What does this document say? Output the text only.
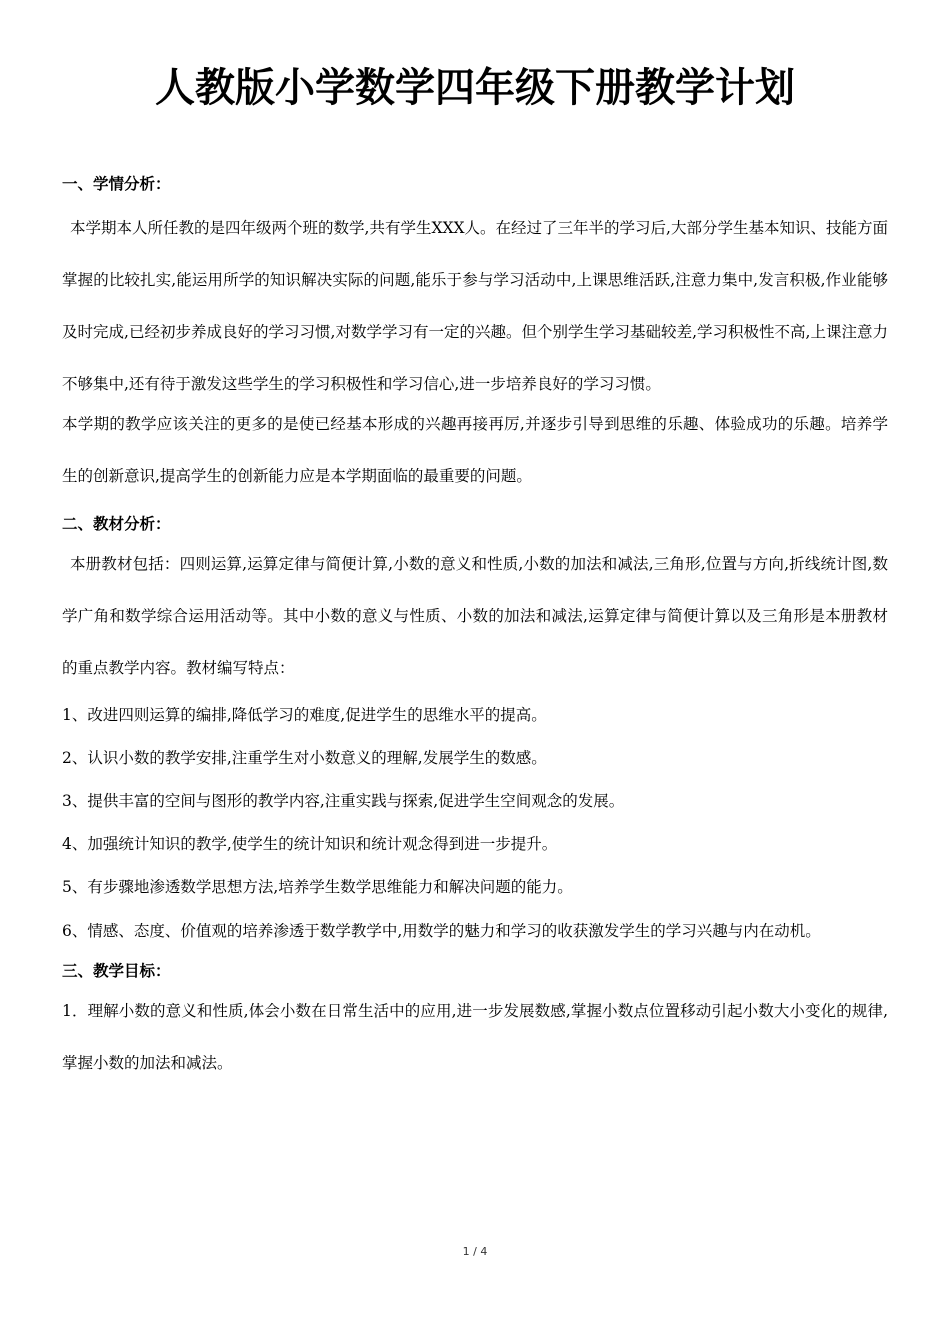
人教版小学数学四年级下册教学计划

一、学情分析：

本学期本人所任教的是四年级两个班的数学,共有学生XXX人。在经过了三年半的学习后,大部分学生基本知识、技能方面掌握的比较扎实,能运用所学的知识解决实际的问题,能乐于参与学习活动中,上课思维活跃,注意力集中,发言积极,作业能够及时完成,已经初步养成良好的学习习惯,对数学学习有一定的兴趣。但个别学生学习基础较差,学习积极性不高,上课注意力不够集中,还有待于激发这些学生的学习积极性和学习信心,进一步培养良好的学习习惯。

本学期的教学应该关注的更多的是使已经基本形成的兴趣再接再厉,并逐步引导到思维的乐趣、体验成功的乐趣。培养学生的创新意识,提高学生的创新能力应是本学期面临的最重要的问题。

二、教材分析：

本册教材包括：四则运算,运算定律与简便计算,小数的意义和性质,小数的加法和减法,三角形,位置与方向,折线统计图,数学广角和数学综合运用活动等。其中小数的意义与性质、小数的加法和减法,运算定律与简便计算以及三角形是本册教材的重点教学内容。教材编写特点：

1、改进四则运算的编排,降低学习的难度,促进学生的思维水平的提高。

2、认识小数的教学安排,注重学生对小数意义的理解,发展学生的数感。

3、提供丰富的空间与图形的教学内容,注重实践与探索,促进学生空间观念的发展。

4、加强统计知识的教学,使学生的统计知识和统计观念得到进一步提升。

5、有步骤地渗透数学思想方法,培养学生数学思维能力和解决问题的能力。

6、情感、态度、价值观的培养渗透于数学教学中,用数学的魅力和学习的收获激发学生的学习兴趣与内在动机。

三、教学目标：

1．理解小数的意义和性质,体会小数在日常生活中的应用,进一步发展数感,掌握小数点位置移动引起小数大小变化的规律,掌握小数的加法和减法。

1 / 4
